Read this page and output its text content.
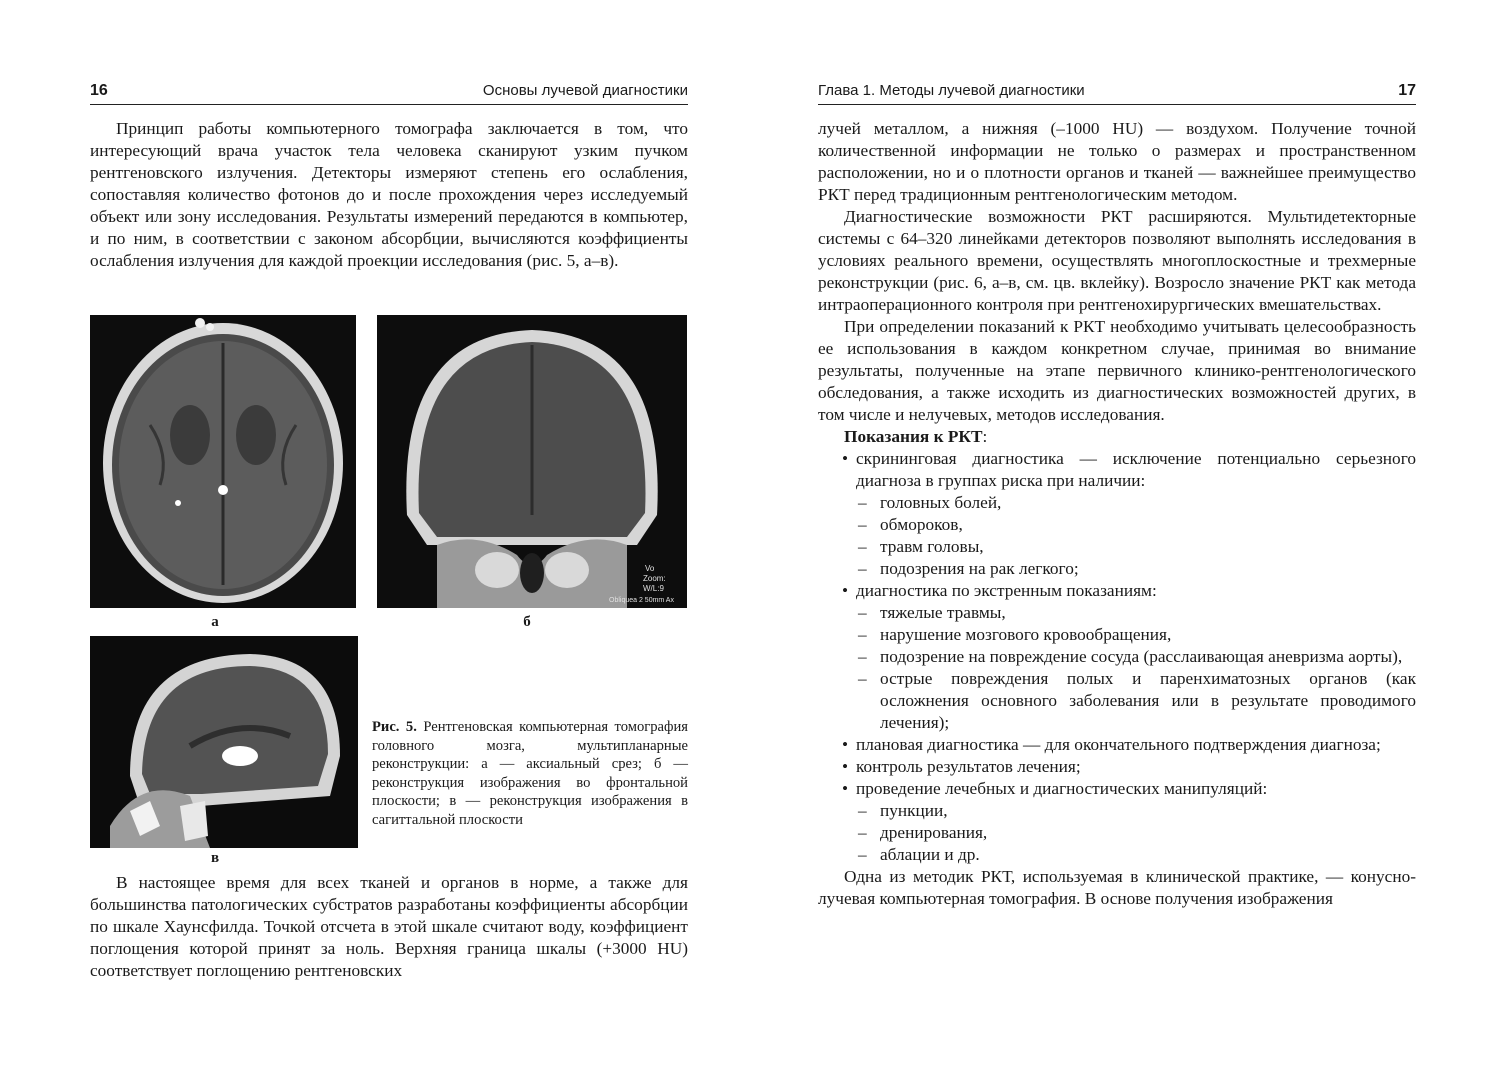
16	Основы лучевой диагностики

Принцип работы компьютерного томографа заключается в том, что интересующий врача участок тела человека сканируют узким пучком рентгеновского излучения. Детекторы измеряют степень его ослабления, сопоставляя количество фотонов до и после прохождения через исследуемый объект или зону исследования. Результаты измерений передаются в компьютер, и по ним, в соответствии с законом абсорбции, вычисляются коэффициенты ослабления излучения для каждой проекции исследования (рис. 5, а–в).

а
Vo
Zoom:
W/L:9
Obliquea 2 50mm Ax
б
в
Рис. 5. Рентгеновская компьютерная томография головного мозга, мультипланарные реконструкции: а — аксиальный срез; б — реконструкция изображения во фронтальной плоскости; в — реконструкция изображения в сагиттальной плоскости

В настоящее время для всех тканей и органов в норме, а также для большинства патологических субстратов разработаны коэффициенты абсорбции по шкале Хаунсфилда. Точкой отсчета в этой шкале считают воду, коэффициент поглощения которой принят за ноль. Верхняя граница шкалы (+3000 HU) соответствует поглощению рентгеновских

Глава 1. Методы лучевой диагностики	17

лучей металлом, а нижняя (–1000 HU) — воздухом. Получение точной количественной информации не только о размерах и пространственном расположении, но и о плотности органов и тканей — важнейшее преимущество РКТ перед традиционным рентгенологическим методом.

Диагностические возможности РКТ расширяются. Мультидетекторные системы с 64–320 линейками детекторов позволяют выполнять исследования в условиях реального времени, осуществлять многоплоскостные и трехмерные реконструкции (рис. 6, а–в, см. цв. вклейку). Возросло значение РКТ как метода интраоперационного контроля при рентгенохирургических вмешательствах.

При определении показаний к РКТ необходимо учитывать целесообразность ее использования в каждом конкретном случае, принимая во внимание результаты, полученные на этапе первичного клинико-рентгенологического обследования, а также исходить из диагностических возможностей других, в том числе и нелучевых, методов исследования.

Показания к РКТ:
• скрининговая диагностика — исключение потенциально серьезного диагноза в группах риска при наличии:
– головных болей,
– обмороков,
– травм головы,
– подозрения на рак легкого;
• диагностика по экстренным показаниям:
– тяжелые травмы,
– нарушение мозгового кровообращения,
– подозрение на повреждение сосуда (расслаивающая аневризма аорты),
– острые повреждения полых и паренхиматозных органов (как осложнения основного заболевания или в результате проводимого лечения);
• плановая диагностика — для окончательного подтверждения диагноза;
• контроль результатов лечения;
• проведение лечебных и диагностических манипуляций:
– пункции,
– дренирования,
– аблации и др.

Одна из методик РКТ, используемая в клинической практике, — конусно-лучевая компьютерная томография. В основе получения изображения
